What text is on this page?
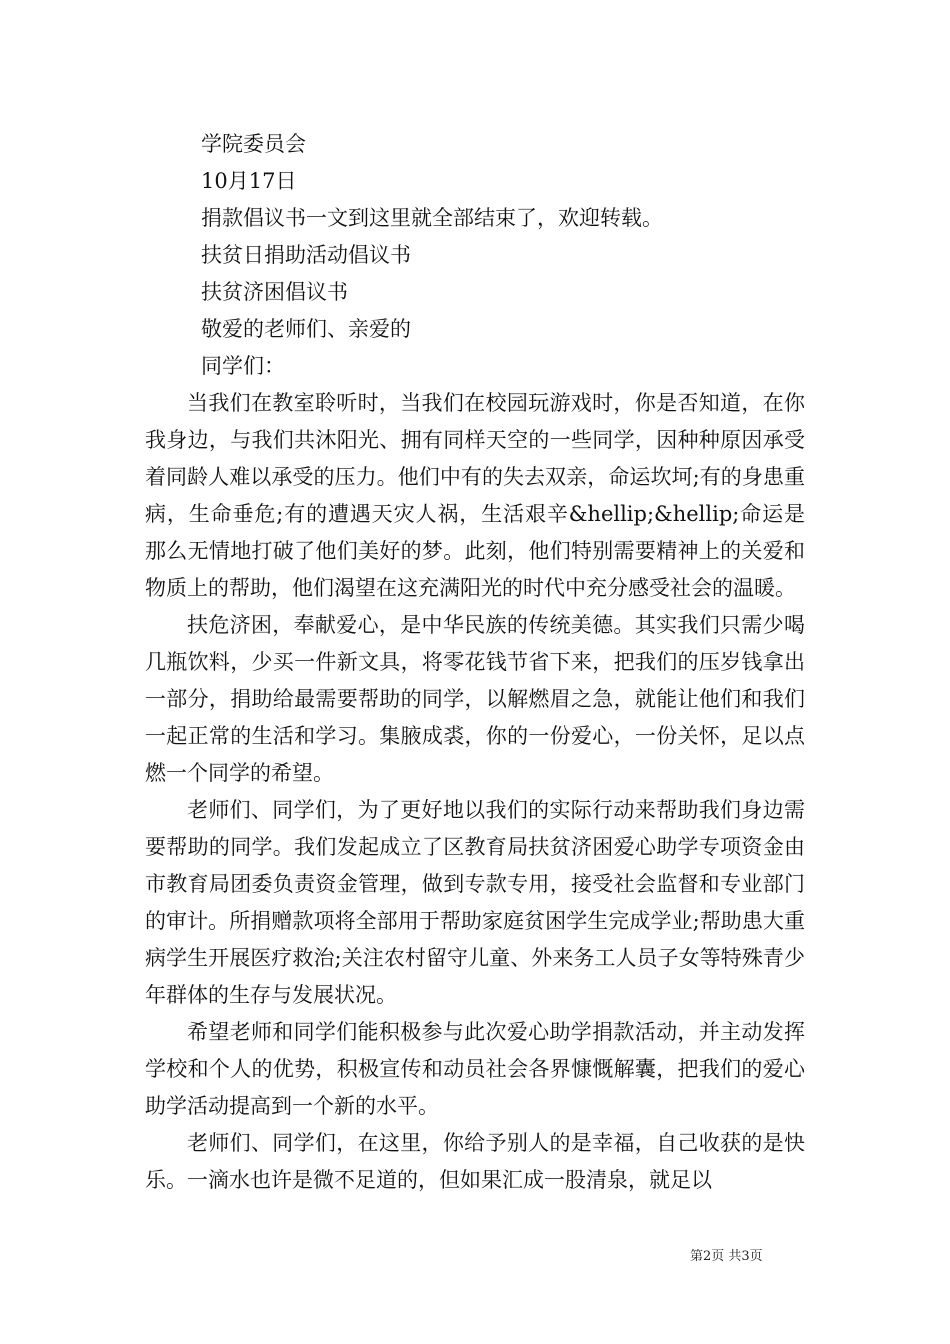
学院委员会
10月17日
捐款倡议书一文到这里就全部结束了，欢迎转载。
扶贫日捐助活动倡议书
扶贫济困倡议书
敬爱的老师们、亲爱的
同学们：

当我们在教室聆听时，当我们在校园玩游戏时，你是否知道，在你我身边，与我们共沐阳光、拥有同样天空的一些同学，因种种原因承受着同龄人难以承受的压力。他们中有的失去双亲，命运坎坷;有的身患重病，生命垂危;有的遭遇天灾人祸，生活艰辛&hellip;&hellip;命运是那么无情地打破了他们美好的梦。此刻，他们特别需要精神上的关爱和物质上的帮助，他们渴望在这充满阳光的时代中充分感受社会的温暖。

扶危济困，奉献爱心，是中华民族的传统美德。其实我们只需少喝几瓶饮料，少买一件新文具，将零花钱节省下来，把我们的压岁钱拿出一部分，捐助给最需要帮助的同学，以解燃眉之急，就能让他们和我们一起正常的生活和学习。集腋成裘，你的一份爱心，一份关怀，足以点燃一个同学的希望。

老师们、同学们，为了更好地以我们的实际行动来帮助我们身边需要帮助的同学。我们发起成立了区教育局扶贫济困爱心助学专项资金由市教育局团委负责资金管理，做到专款专用，接受社会监督和专业部门的审计。所捐赠款项将全部用于帮助家庭贫困学生完成学业;帮助患大重病学生开展医疗救治;关注农村留守儿童、外来务工人员子女等特殊青少年群体的生存与发展状况。

希望老师和同学们能积极参与此次爱心助学捐款活动，并主动发挥学校和个人的优势，积极宣传和动员社会各界慷慨解囊，把我们的爱心助学活动提高到一个新的水平。

老师们、同学们，在这里，你给予别人的是幸福，自己收获的是快乐。一滴水也许是微不足道的，但如果汇成一股清泉，就足以

第2页 共3页
